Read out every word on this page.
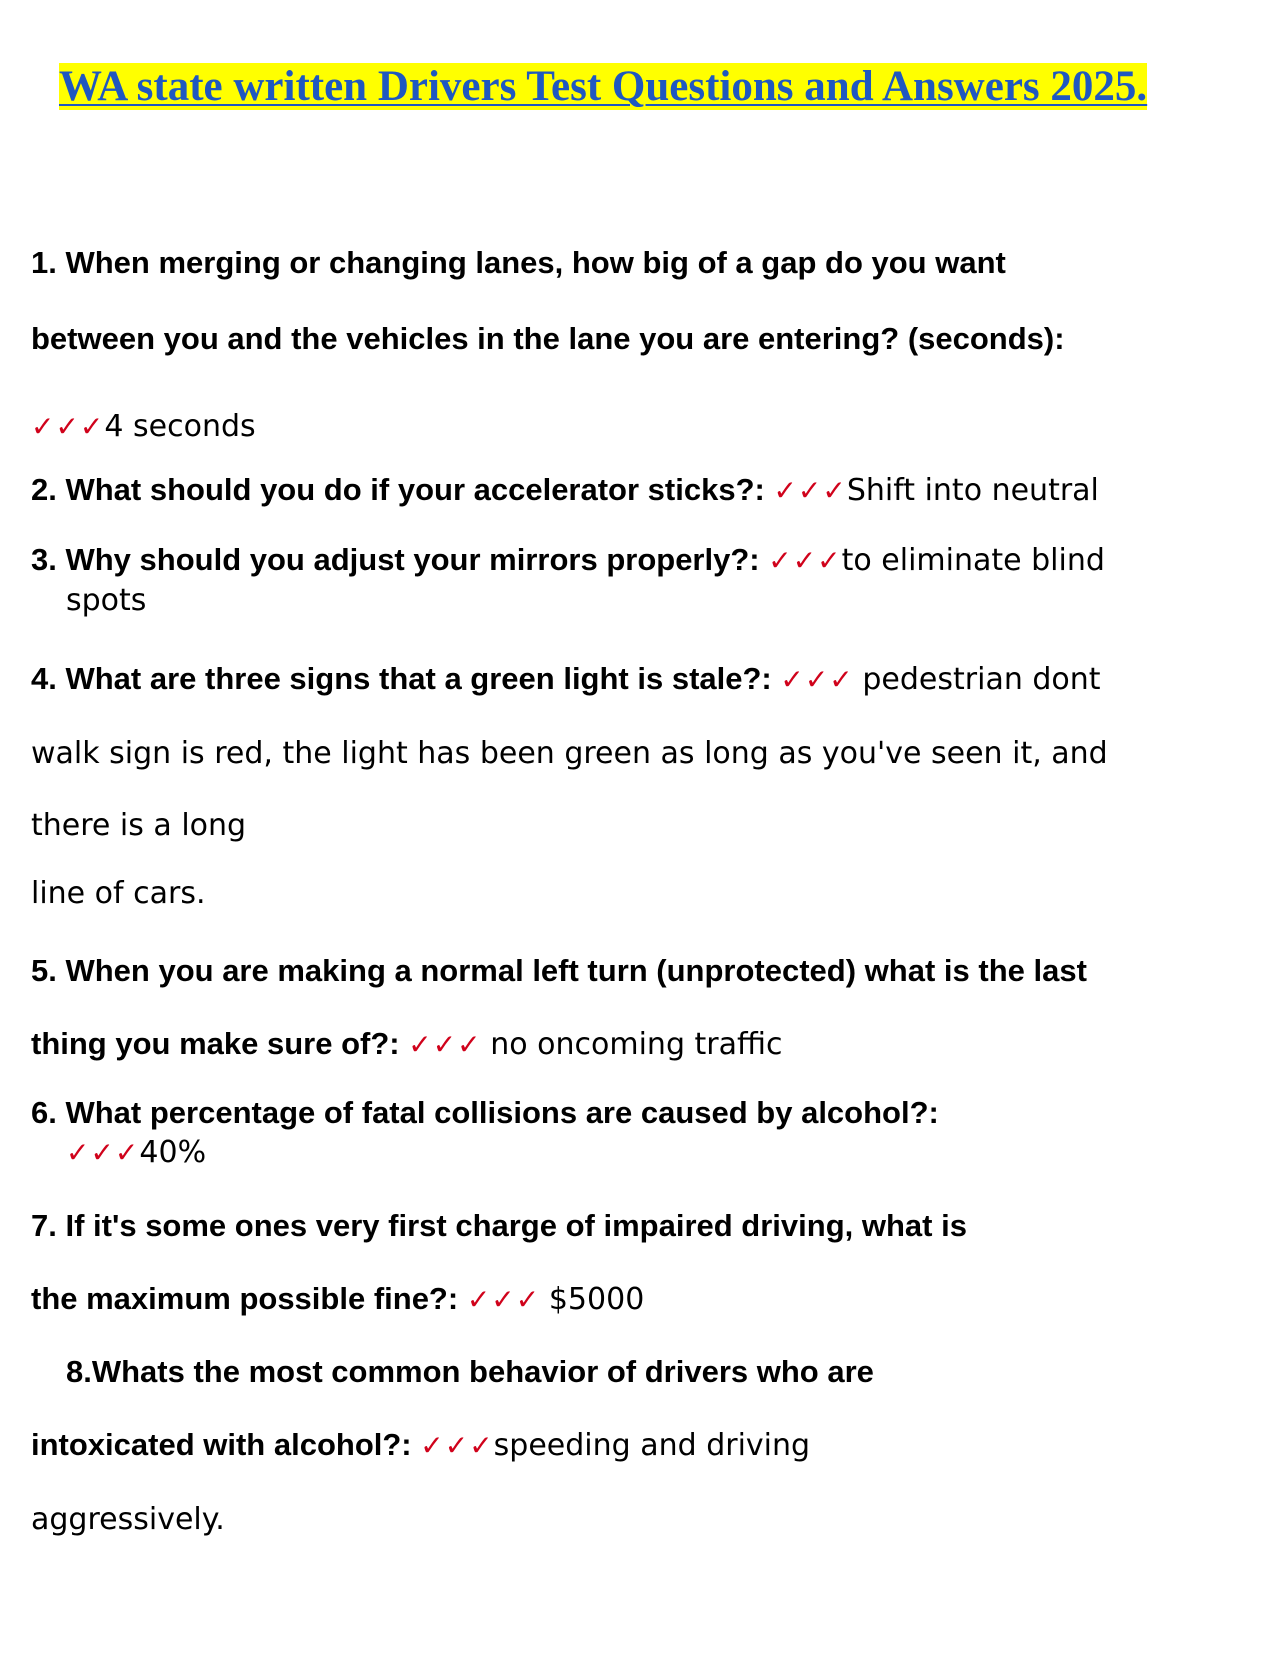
WA state written Drivers Test Questions and Answers 2025.
1. When merging or changing lanes, how big of a gap do you want
between you and the vehicles in the lane you are entering? (seconds):
✓✓✓4 seconds
2. What should you do if your accelerator sticks?: ✓✓✓Shift into neutral
3. Why should you adjust your mirrors properly?: ✓✓✓to eliminate blind
spots
4. What are three signs that a green light is stale?: ✓✓✓ pedestrian dont
walk sign is red, the light has been green as long as you've seen it, and
there is a long
line of cars.
5. When you are making a normal left turn (unprotected) what is the last
thing you make sure of?: ✓✓✓ no oncoming traffic
6. What percentage of fatal collisions are caused by alcohol?:
✓✓✓40%
7. If it's some ones very first charge of impaired driving, what is
the maximum possible fine?: ✓✓✓ $5000
8.Whats the most common behavior of drivers who are
intoxicated with alcohol?: ✓✓✓speeding and driving
aggressively.
